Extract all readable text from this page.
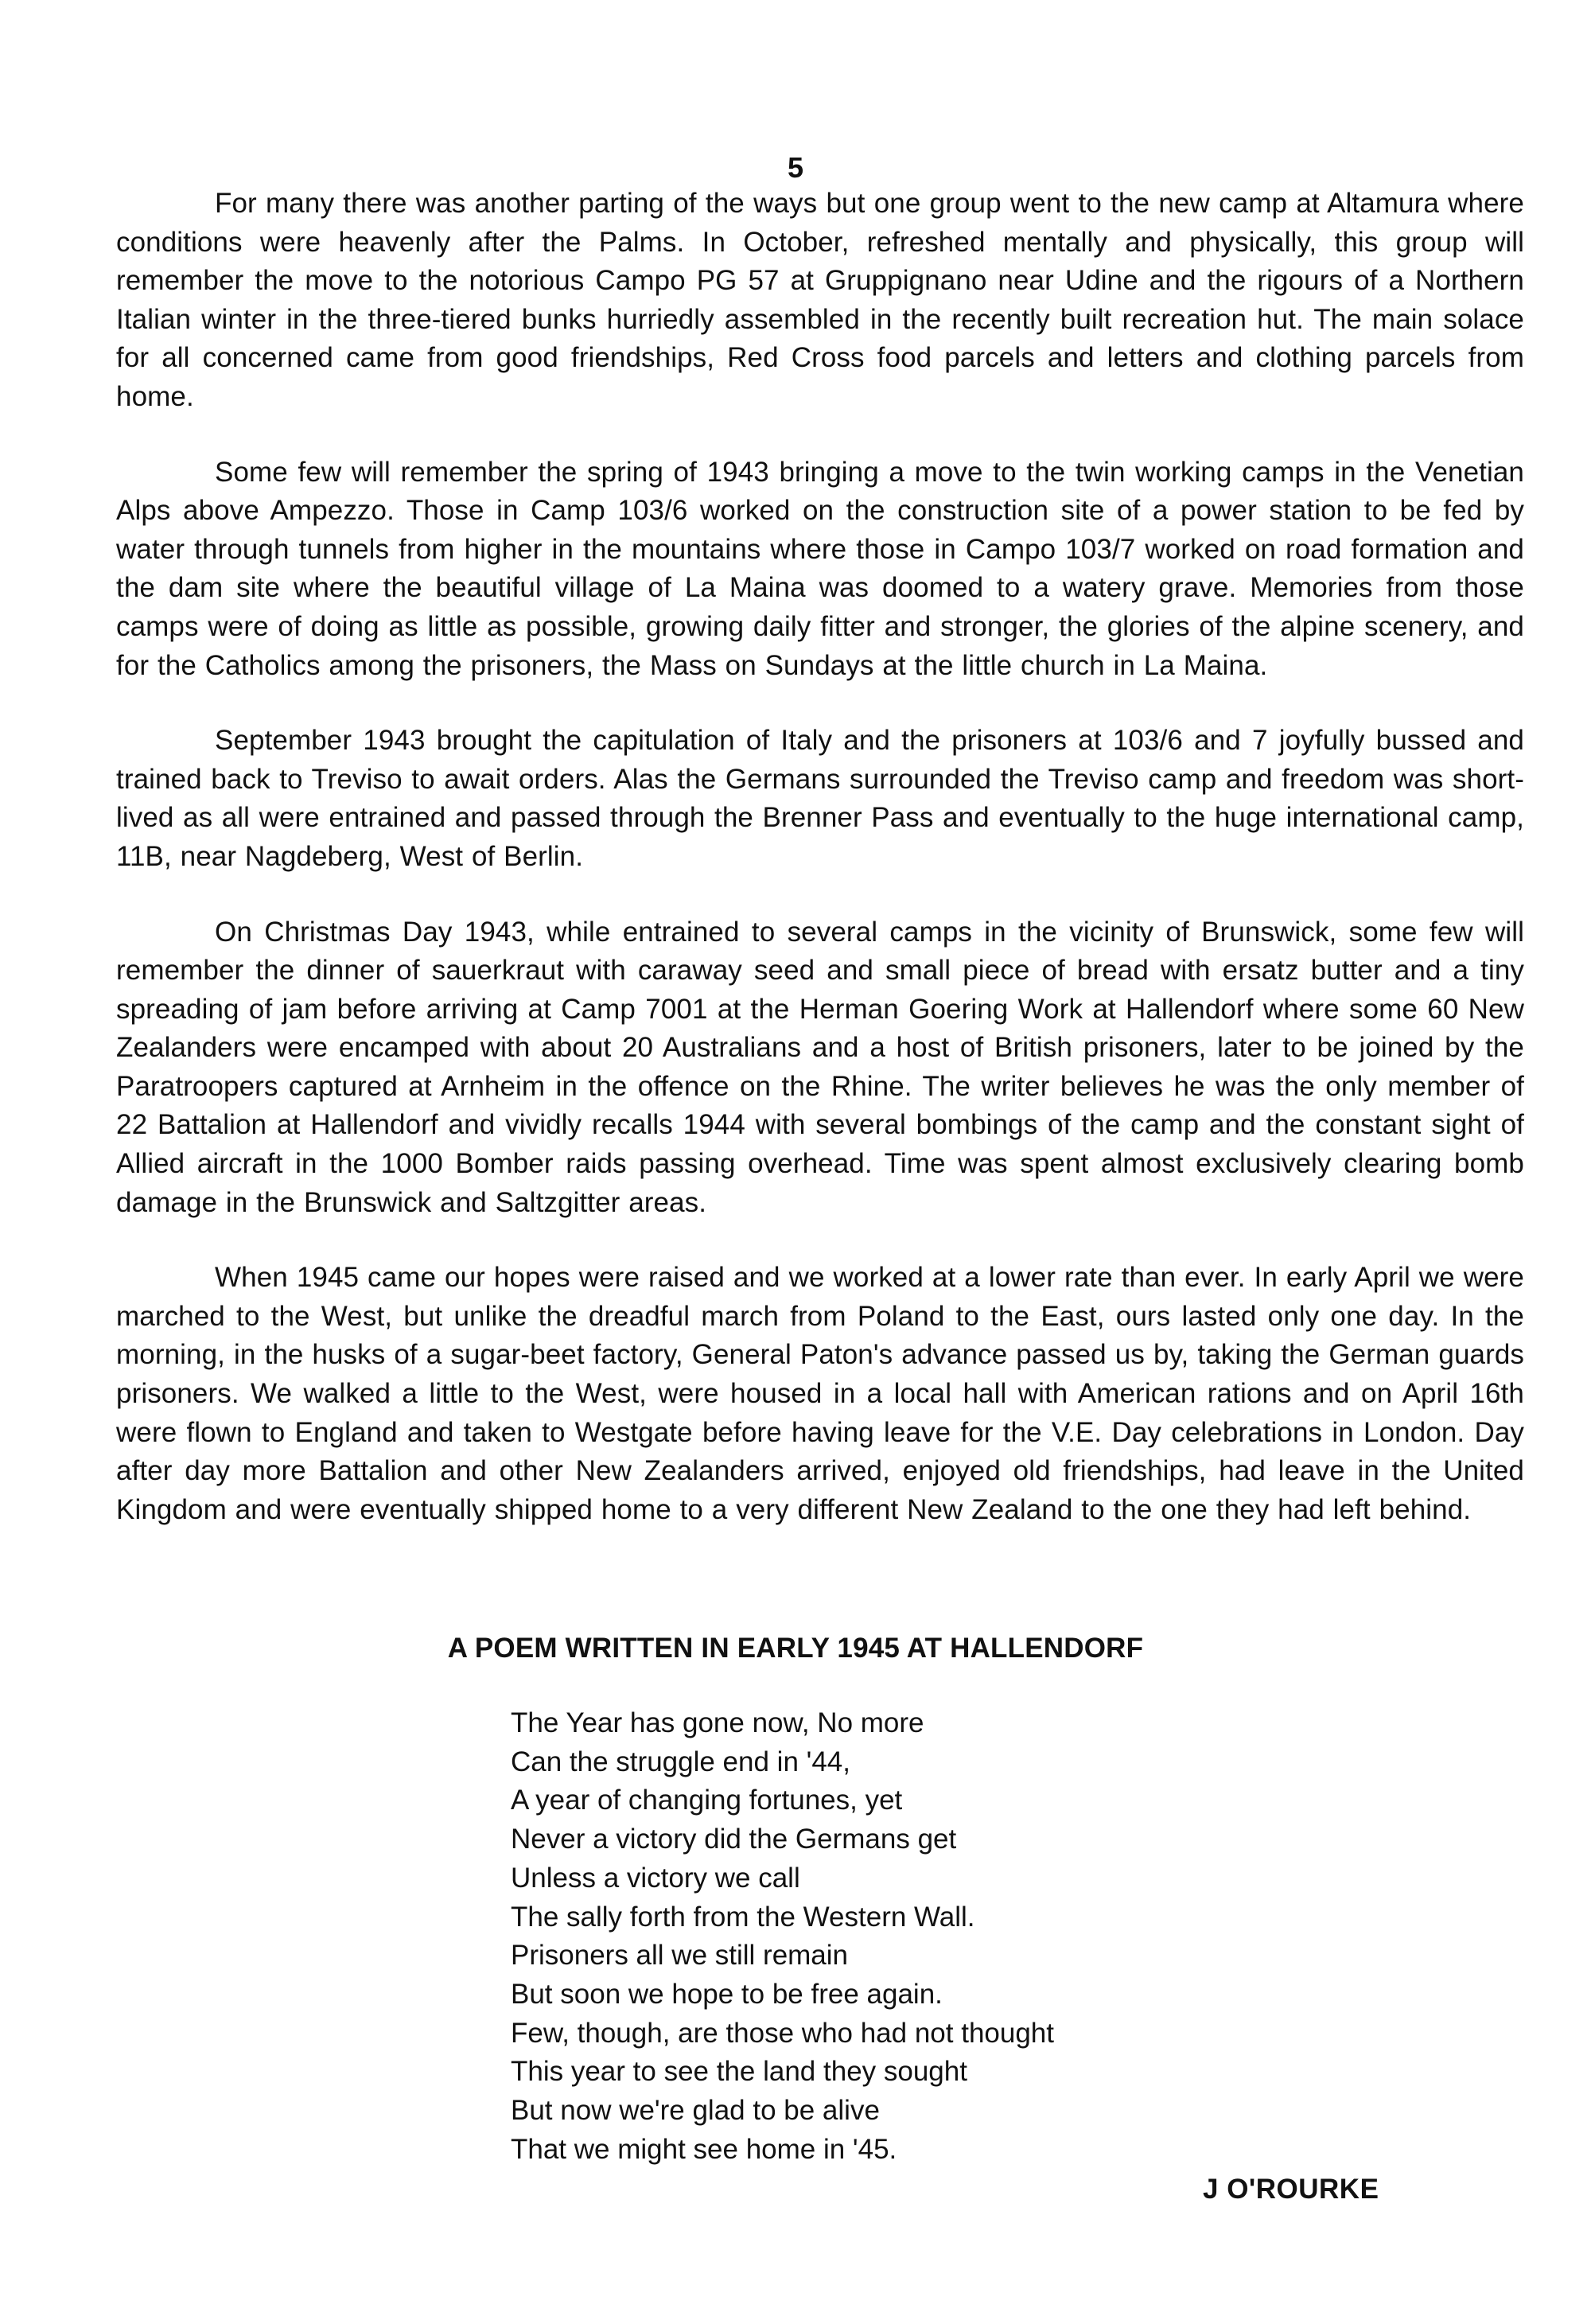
5

For many there was another parting of the ways but one group went to the new camp at Altamura where conditions were heavenly after the Palms. In October, refreshed mentally and physically, this group will remember the move to the notorious Campo PG 57 at Gruppignano near Udine and the rigours of a Northern Italian winter in the three-tiered bunks hurriedly assembled in the recently built recreation hut. The main solace for all concerned came from good friendships, Red Cross food parcels and letters and clothing parcels from home.

Some few will remember the spring of 1943 bringing a move to the twin working camps in the Venetian Alps above Ampezzo. Those in Camp 103/6 worked on the construction site of a power station to be fed by water through tunnels from higher in the mountains where those in Campo 103/7 worked on road formation and the dam site where the beautiful village of La Maina was doomed to a watery grave. Memories from those camps were of doing as little as possible, growing daily fitter and stronger, the glories of the alpine scenery, and for the Catholics among the prisoners, the Mass on Sundays at the little church in La Maina.

September 1943 brought the capitulation of Italy and the prisoners at 103/6 and 7 joyfully bussed and trained back to Treviso to await orders. Alas the Germans surrounded the Treviso camp and freedom was short-lived as all were entrained and passed through the Brenner Pass and eventually to the huge international camp, 11B, near Nagdeberg, West of Berlin.

On Christmas Day 1943, while entrained to several camps in the vicinity of Brunswick, some few will remember the dinner of sauerkraut with caraway seed and small piece of bread with ersatz butter and a tiny spreading of jam before arriving at Camp 7001 at the Herman Goering Work at Hallendorf where some 60 New Zealanders were encamped with about 20 Australians and a host of British prisoners, later to be joined by the Paratroopers captured at Arnheim in the offence on the Rhine. The writer believes he was the only member of 22 Battalion at Hallendorf and vividly recalls 1944 with several bombings of the camp and the constant sight of Allied aircraft in the 1000 Bomber raids passing overhead. Time was spent almost exclusively clearing bomb damage in the Brunswick and Saltzgitter areas.

When 1945 came our hopes were raised and we worked at a lower rate than ever. In early April we were marched to the West, but unlike the dreadful march from Poland to the East, ours lasted only one day. In the morning, in the husks of a sugar-beet factory, General Paton's advance passed us by, taking the German guards prisoners. We walked a little to the West, were housed in a local hall with American rations and on April 16th were flown to England and taken to Westgate before having leave for the V.E. Day celebrations in London. Day after day more Battalion and other New Zealanders arrived, enjoyed old friendships, had leave in the United Kingdom and were eventually shipped home to a very different New Zealand to the one they had left behind.

A POEM WRITTEN IN EARLY 1945 AT HALLENDORF
The Year has gone now, No more
Can the struggle end in '44,
A year of changing fortunes, yet
Never a victory did the Germans get
Unless a victory we call
The sally forth from the Western Wall.
Prisoners all we still remain
But soon we hope to be free again.
Few, though, are those who had not thought
This year to see the land they sought
But now we're glad to be alive
That we might see home in '45.
J O'ROURKE
